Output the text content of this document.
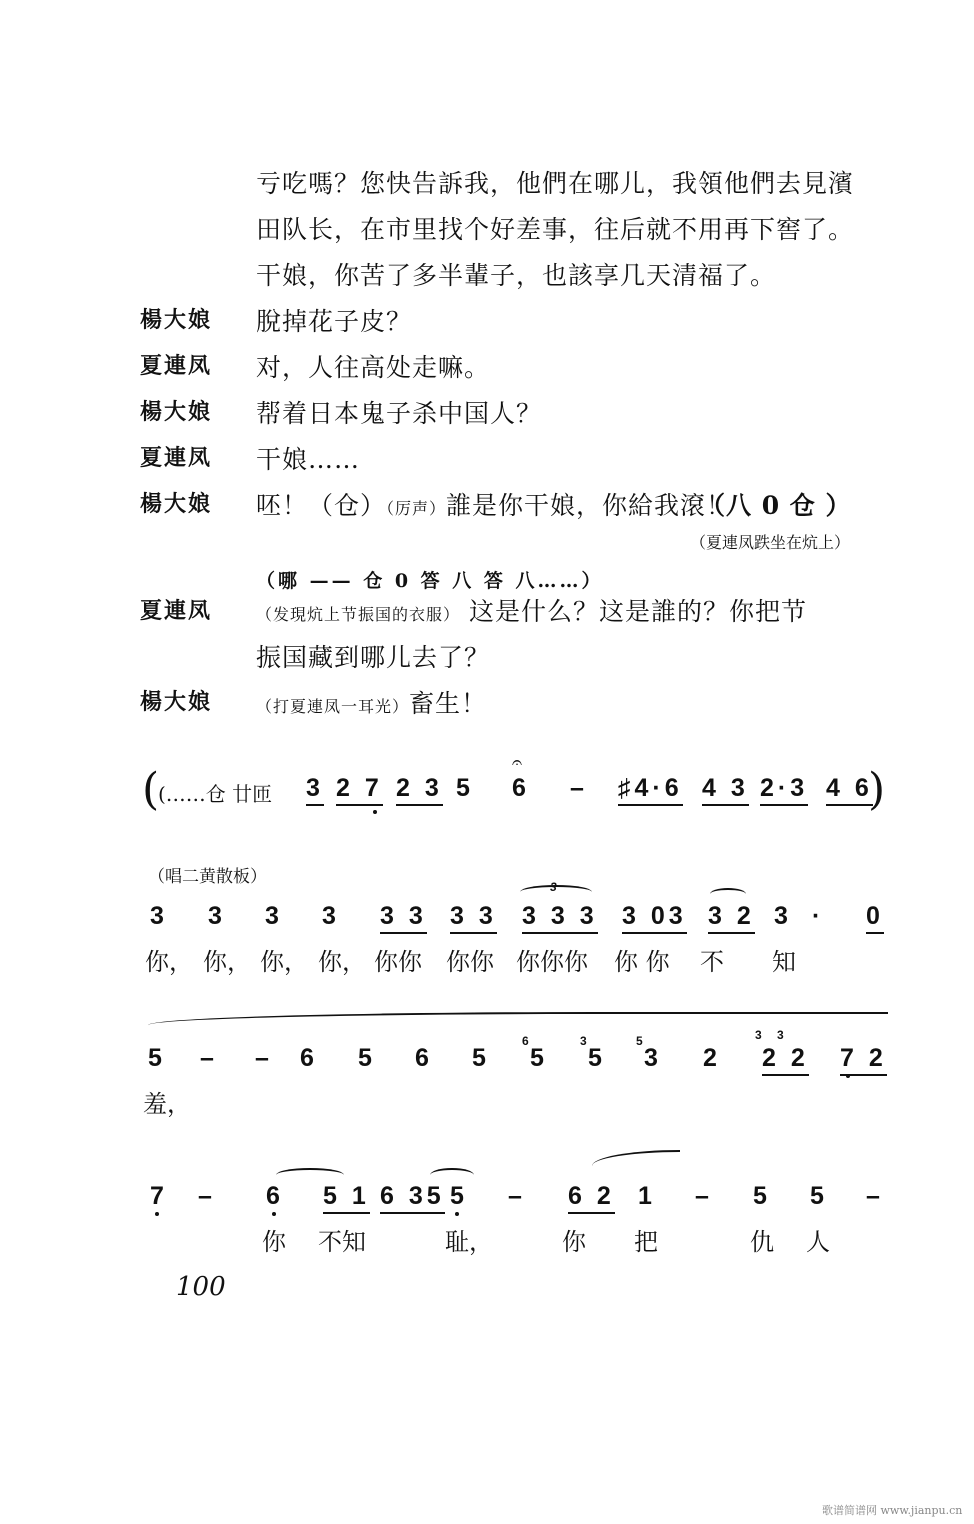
亏吃嗎？您快告訴我，他們在哪儿，我領他們去見濱
田队长，在市里找个好差事，往后就不用再下窖了。
干娘，你苦了多半輩子，也該享几天清福了。
楊大娘 脫掉花子皮？
夏連凤 对，人往高处走嘛。
楊大娘 帮着日本鬼子杀中国人？
夏連凤 干娘……
楊大娘 呸！（仓）（厉声）誰是你干娘，你給我滾！
（八 0 仓 ）
（夏連凤跌坐在炕上）
（哪 —— 仓 0 答 八 答 八……）
夏連凤	（发現炕上节振国的衣服） 这是什么？这是誰的？你把节
振国藏到哪儿去了？
楊大娘	（打夏連凤一耳光）畜生！
(
(……仓 廿匝 3 2 7 2 3 5
𝄐
6 – ♯4·6 4 3 2·3 4 6
)
（唱二黄散板）	3
3 3 3 3 3 3 3 3 3 3 3 3 03 3 2 3 · 0
你， 你， 你， 你， 你你 你你 你你你 你 你 不 知
5 – – 6 5 6 5
6
5
3
5
5
3 2
3 3
2 2 7 2
羞，
7 – 6 5 1 6 35 5 – 6 2 1 – 5 5 –
你 不知	耻，	你 把	仇 人
100
歌谱简谱网 www.jianpu.cn
